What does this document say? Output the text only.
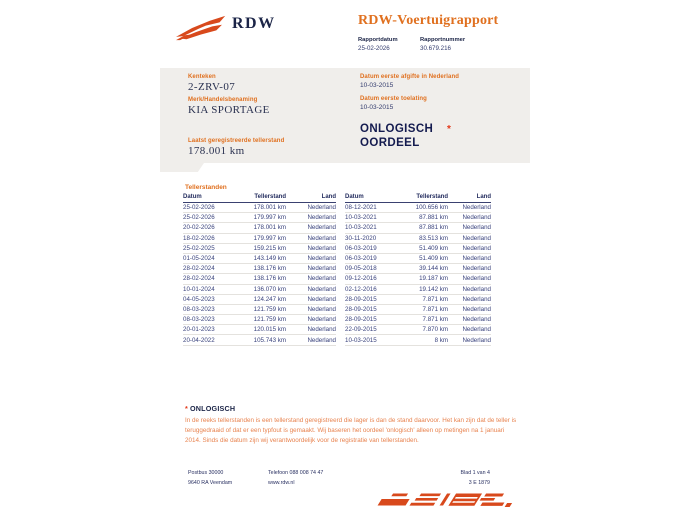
RDW	RDW-Voertuigrapport
Rapportdatum
25-02-2026
Rapportnummer
30.679.216
Kenteken
2-ZRV-07
Merk/Handelsbenaming
KIA SPORTAGE
Laatst geregistreerde tellerstand
178.001 km
Datum eerste afgifte in Nederland
10-03-2015
Datum eerste toelating
10-03-2015
ONLOGISCH
OORDEEL
*
Tellerstanden
Datum	Tellerstand	Land
25-02-2026	178.001 km	Nederland
25-02-2026	179.997 km	Nederland
20-02-2026	178.001 km	Nederland
18-02-2026	179.997 km	Nederland
25-02-2025	159.215 km	Nederland
01-05-2024	143.149 km	Nederland
28-02-2024	138.176 km	Nederland
28-02-2024	138.176 km	Nederland
10-01-2024	136.070 km	Nederland
04-05-2023	124.247 km	Nederland
08-03-2023	121.759 km	Nederland
08-03-2023	121.759 km	Nederland
20-01-2023	120.015 km	Nederland
20-04-2022	105.743 km	Nederland
Datum	Tellerstand	Land
08-12-2021	100.656 km	Nederland
10-03-2021	87.881 km	Nederland
10-03-2021	87.881 km	Nederland
30-11-2020	83.513 km	Nederland
06-03-2019	51.409 km	Nederland
06-03-2019	51.409 km	Nederland
09-05-2018	39.144 km	Nederland
09-12-2016	19.187 km	Nederland
02-12-2016	19.142 km	Nederland
28-09-2015	7.871 km	Nederland
28-09-2015	7.871 km	Nederland
28-09-2015	7.871 km	Nederland
22-09-2015	7.870 km	Nederland
10-03-2015	8 km	Nederland
* ONLOGISCH
In de reeks tellerstanden is een tellerstand geregistreerd die lager is dan de stand daarvoor. Het kan zijn dat de teller is teruggedraaid of dat er een typfout is gemaakt. Wij baseren het oordeel 'onlogisch' alleen op metingen na 1 januari 2014. Sinds die datum zijn wij verantwoordelijk voor de registratie van tellerstanden.
Postbus 30000
9640 RA Veendam
Telefoon 088 008 74 47
www.rdw.nl
Blad 1 van 4
3 E 1879
